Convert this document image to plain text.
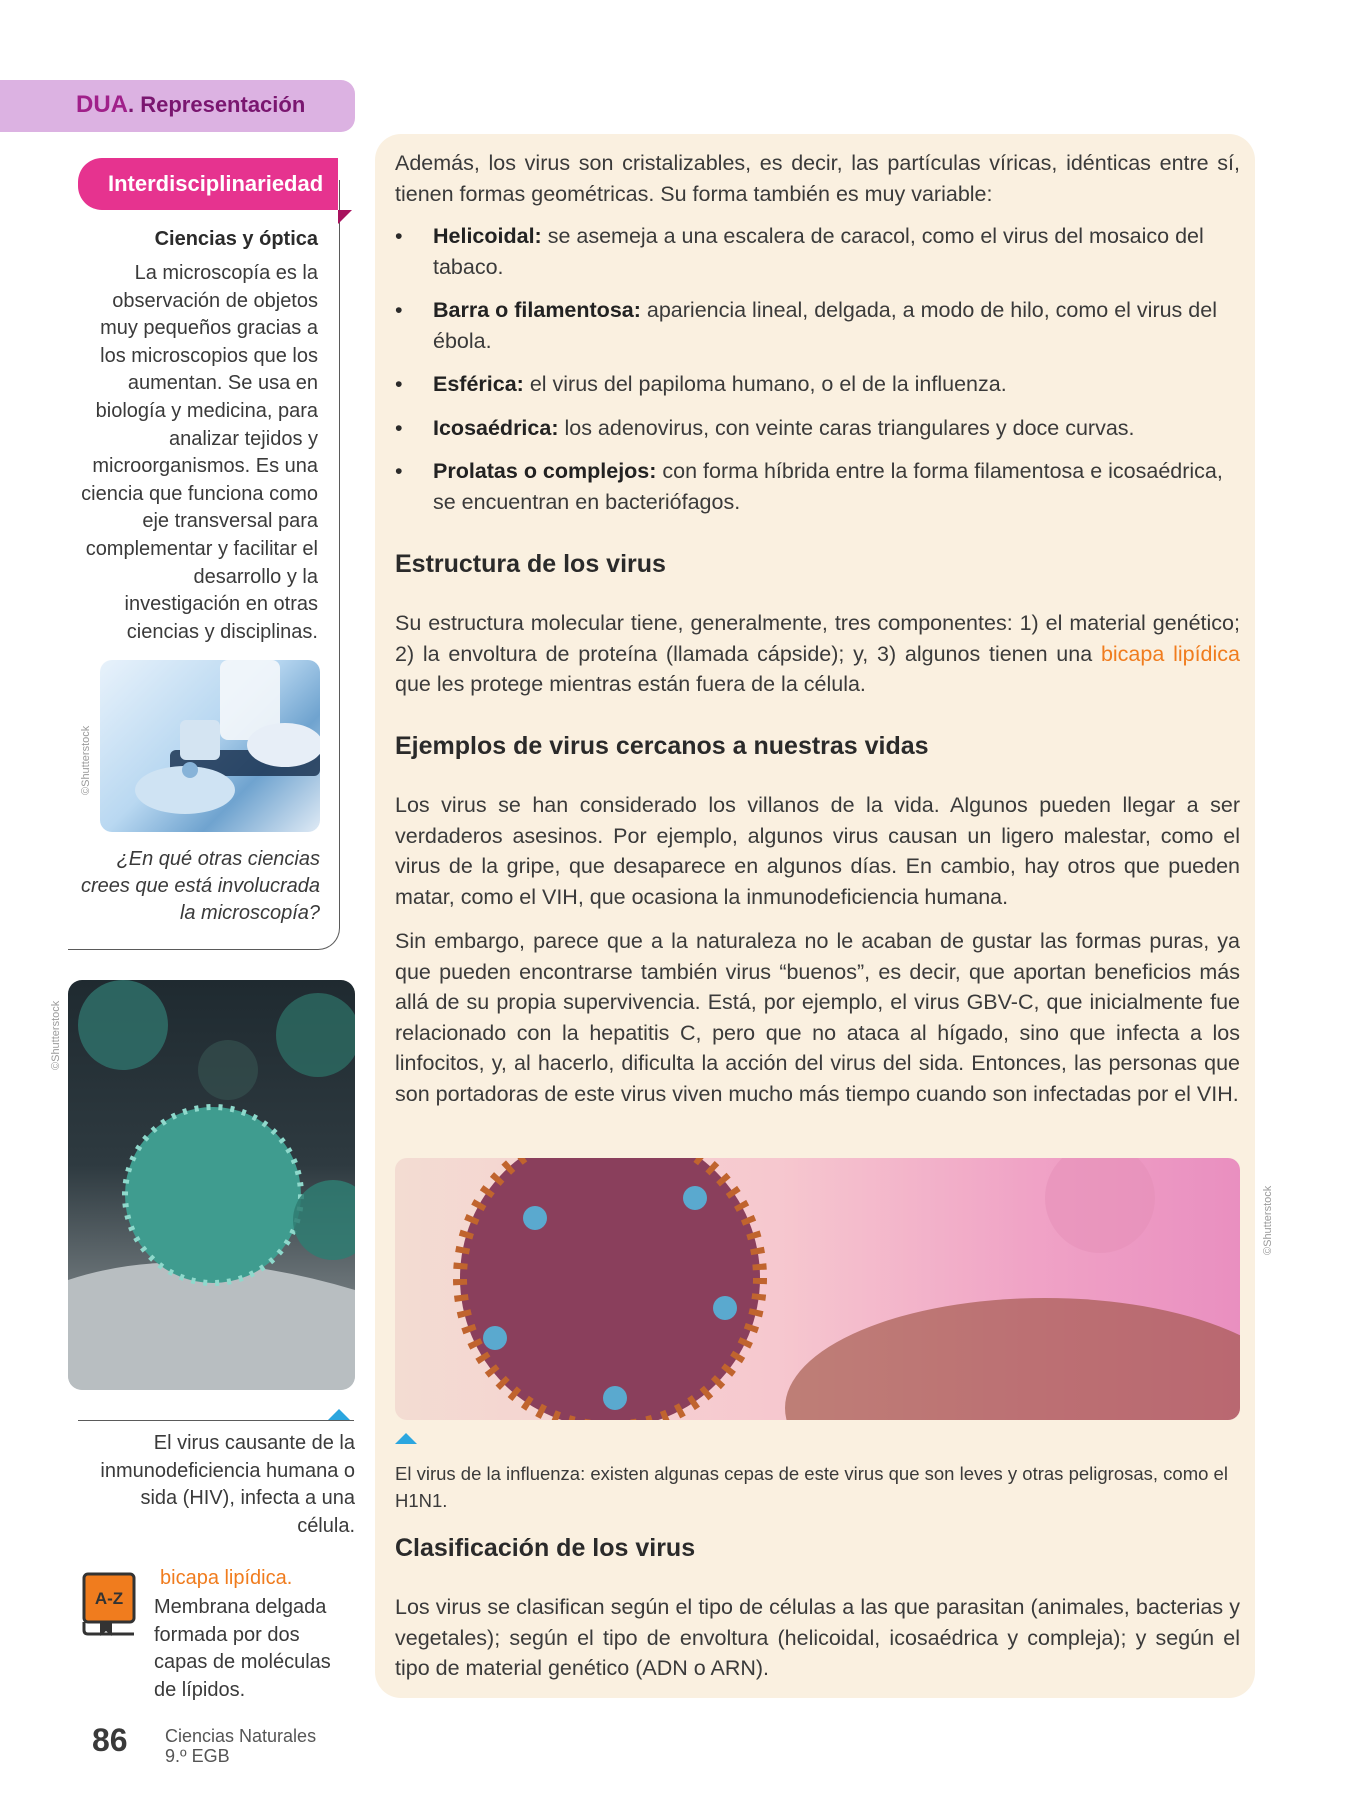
DUA. Representación
Interdisciplinariedad
Ciencias y óptica
La microscopía es la observación de objetos muy pequeños gracias a los microscopios que los aumentan. Se usa en biología y medicina, para analizar tejidos y microorganismos. Es una ciencia que funciona como eje transversal para complementar y facilitar el desarrollo y la investigación en otras ciencias y disciplinas.
©Shutterstock
¿En qué otras ciencias crees que está involucrada la microscopía?
©Shutterstock
El virus causante de la inmunodeficiencia humana o sida (HIV), infecta a una célula.
A-Z
bicapa lipídica.
Membrana delgada formada por dos capas de moléculas de lípidos.
86 Ciencias Naturales
9.º EGB
Además, los virus son cristalizables, es decir, las partículas víricas, idénticas entre sí, tienen formas geométricas. Su forma también es muy variable:
• Helicoidal: se asemeja a una escalera de caracol, como el virus del mosaico del tabaco.
• Barra o filamentosa: apariencia lineal, delgada, a modo de hilo, como el virus del ébola.
• Esférica: el virus del papiloma humano, o el de la influenza.
• Icosaédrica: los adenovirus, con veinte caras triangulares y doce curvas.
• Prolatas o complejos: con forma híbrida entre la forma filamentosa e icosaédrica, se encuentran en bacteriófagos.
Estructura de los virus
Su estructura molecular tiene, generalmente, tres componentes: 1) el material genético; 2) la envoltura de proteína (llamada cápside); y, 3) algunos tienen una bicapa lipídica que les protege mientras están fuera de la célula.
Ejemplos de virus cercanos a nuestras vidas
Los virus se han considerado los villanos de la vida. Algunos pueden llegar a ser verdaderos asesinos. Por ejemplo, algunos virus causan un ligero malestar, como el virus de la gripe, que desaparece en algunos días. En cambio, hay otros que pueden matar, como el VIH, que ocasiona la inmunodeficiencia humana.
Sin embargo, parece que a la naturaleza no le acaban de gustar las formas puras, ya que pueden encontrarse también virus “buenos”, es decir, que aportan beneficios más allá de su propia supervivencia. Está, por ejemplo, el virus GBV-C, que inicialmente fue relacionado con la hepatitis C, pero que no ataca al hígado, sino que infecta a los linfocitos, y, al hacerlo, dificulta la acción del virus del sida. Entonces, las personas que son portadoras de este virus viven mucho más tiempo cuando son infectadas por el VIH.
©Shutterstock
El virus de la influenza: existen algunas cepas de este virus que son leves y otras peligrosas, como el H1N1.
Clasificación de los virus
Los virus se clasifican según el tipo de células a las que parasitan (animales, bacterias y vegetales); según el tipo de envoltura (helicoidal, icosaédrica y compleja); y según el tipo de material genético (ADN o ARN).
